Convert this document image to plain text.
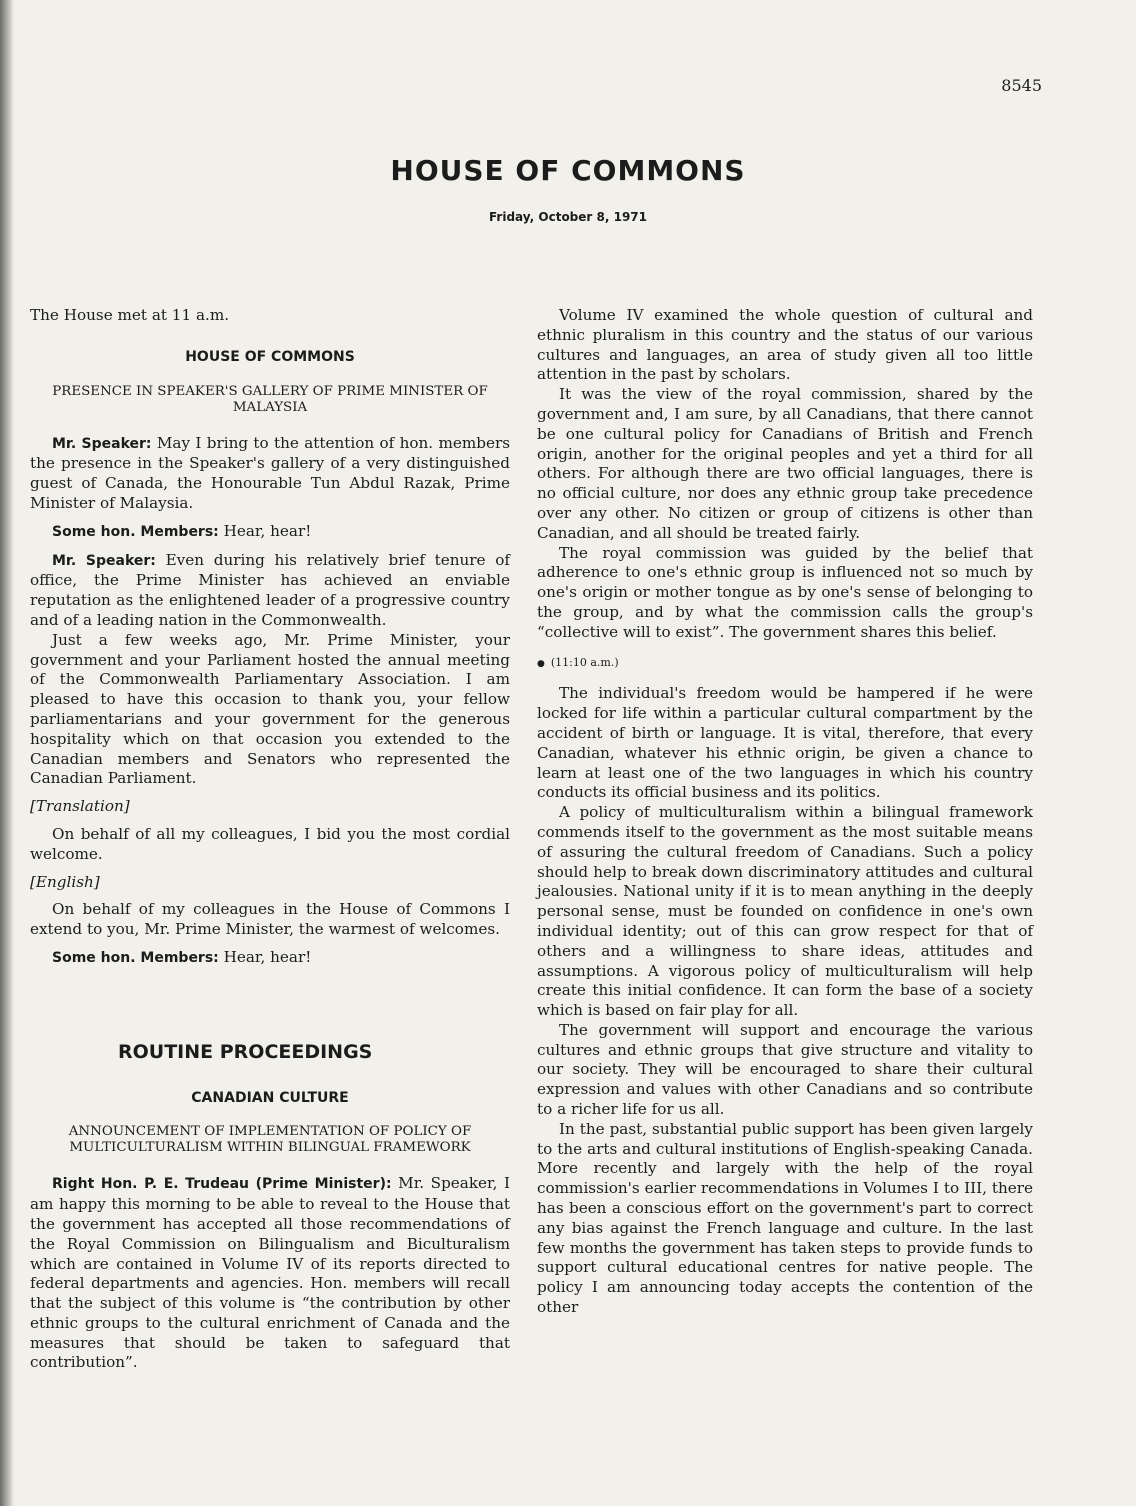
8545
HOUSE OF COMMONS
Friday, October 8, 1971

The House met at 11 a.m.

HOUSE OF COMMONS
PRESENCE IN SPEAKER'S GALLERY OF PRIME MINISTER OF MALAYSIA

Mr. Speaker: May I bring to the attention of hon. members the presence in the Speaker's gallery of a very distinguished guest of Canada, the Honourable Tun Abdul Razak, Prime Minister of Malaysia.

Some hon. Members: Hear, hear!

Mr. Speaker: Even during his relatively brief tenure of office, the Prime Minister has achieved an enviable reputation as the enlightened leader of a progressive country and of a leading nation in the Commonwealth.

Just a few weeks ago, Mr. Prime Minister, your government and your Parliament hosted the annual meeting of the Commonwealth Parliamentary Association. I am pleased to have this occasion to thank you, your fellow parliamentarians and your government for the generous hospitality which on that occasion you extended to the Canadian members and Senators who represented the Canadian Parliament.

[Translation]

On behalf of all my colleagues, I bid you the most cordial welcome.

[English]

On behalf of my colleagues in the House of Commons I extend to you, Mr. Prime Minister, the warmest of welcomes.

Some hon. Members: Hear, hear!

ROUTINE PROCEEDINGS
CANADIAN CULTURE
ANNOUNCEMENT OF IMPLEMENTATION OF POLICY OF MULTICULTURALISM WITHIN BILINGUAL FRAMEWORK

Right Hon. P. E. Trudeau (Prime Minister): Mr. Speaker, I am happy this morning to be able to reveal to the House that the government has accepted all those recommendations of the Royal Commission on Bilingualism and Biculturalism which are contained in Volume IV of its reports directed to federal departments and agencies. Hon. members will recall that the subject of this volume is “the contribution by other ethnic groups to the cultural enrichment of Canada and the measures that should be taken to safeguard that contribution”.

Volume IV examined the whole question of cultural and ethnic pluralism in this country and the status of our various cultures and languages, an area of study given all too little attention in the past by scholars.

It was the view of the royal commission, shared by the government and, I am sure, by all Canadians, that there cannot be one cultural policy for Canadians of British and French origin, another for the original peoples and yet a third for all others. For although there are two official languages, there is no official culture, nor does any ethnic group take precedence over any other. No citizen or group of citizens is other than Canadian, and all should be treated fairly.

The royal commission was guided by the belief that adherence to one's ethnic group is influenced not so much by one's origin or mother tongue as by one's sense of belonging to the group, and by what the commission calls the group's “collective will to exist”. The government shares this belief.

● (11:10 a.m.)

The individual's freedom would be hampered if he were locked for life within a particular cultural compartment by the accident of birth or language. It is vital, therefore, that every Canadian, whatever his ethnic origin, be given a chance to learn at least one of the two languages in which his country conducts its official business and its politics.

A policy of multiculturalism within a bilingual framework commends itself to the government as the most suitable means of assuring the cultural freedom of Canadians. Such a policy should help to break down discriminatory attitudes and cultural jealousies. National unity if it is to mean anything in the deeply personal sense, must be founded on confidence in one's own individual identity; out of this can grow respect for that of others and a willingness to share ideas, attitudes and assumptions. A vigorous policy of multiculturalism will help create this initial confidence. It can form the base of a society which is based on fair play for all.

The government will support and encourage the various cultures and ethnic groups that give structure and vitality to our society. They will be encouraged to share their cultural expression and values with other Canadians and so contribute to a richer life for us all.

In the past, substantial public support has been given largely to the arts and cultural institutions of English-speaking Canada. More recently and largely with the help of the royal commission's earlier recommendations in Volumes I to III, there has been a conscious effort on the government's part to correct any bias against the French language and culture. In the last few months the government has taken steps to provide funds to support cultural educational centres for native people. The policy I am announcing today accepts the contention of the other
